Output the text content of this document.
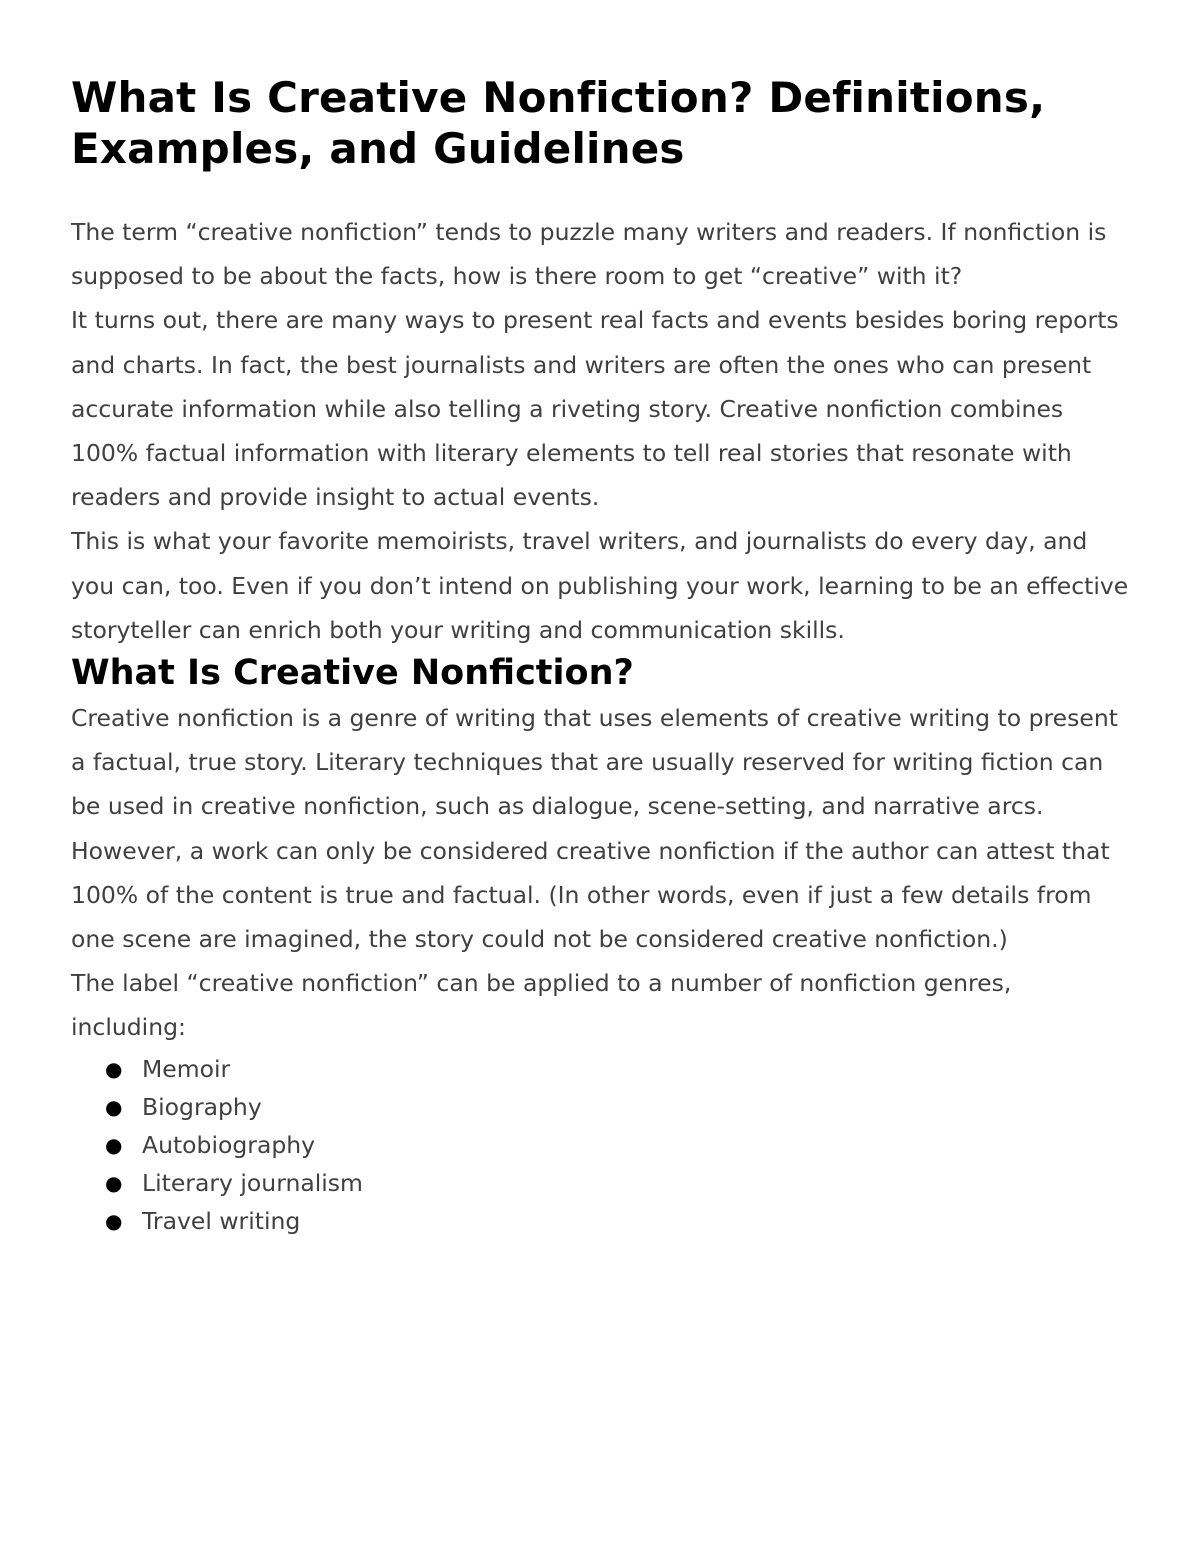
What Is Creative Nonfiction? Definitions, Examples, and Guidelines

The term “creative nonfiction” tends to puzzle many writers and readers. If nonfiction is supposed to be about the facts, how is there room to get “creative” with it?

It turns out, there are many ways to present real facts and events besides boring reports and charts. In fact, the best journalists and writers are often the ones who can present accurate information while also telling a riveting story. Creative nonfiction combines 100% factual information with literary elements to tell real stories that resonate with readers and provide insight to actual events.

This is what your favorite memoirists, travel writers, and journalists do every day, and you can, too. Even if you don’t intend on publishing your work, learning to be an effective storyteller can enrich both your writing and communication skills.

What Is Creative Nonfiction?

Creative nonfiction is a genre of writing that uses elements of creative writing to present a factual, true story. Literary techniques that are usually reserved for writing fiction can be used in creative nonfiction, such as dialogue, scene-setting, and narrative arcs.

However, a work can only be considered creative nonfiction if the author can attest that 100% of the content is true and factual. (In other words, even if just a few details from one scene are imagined, the story could not be considered creative nonfiction.)

The label “creative nonfiction” can be applied to a number of nonfiction genres, including:

● Memoir
● Biography
● Autobiography
● Literary journalism
● Travel writing
